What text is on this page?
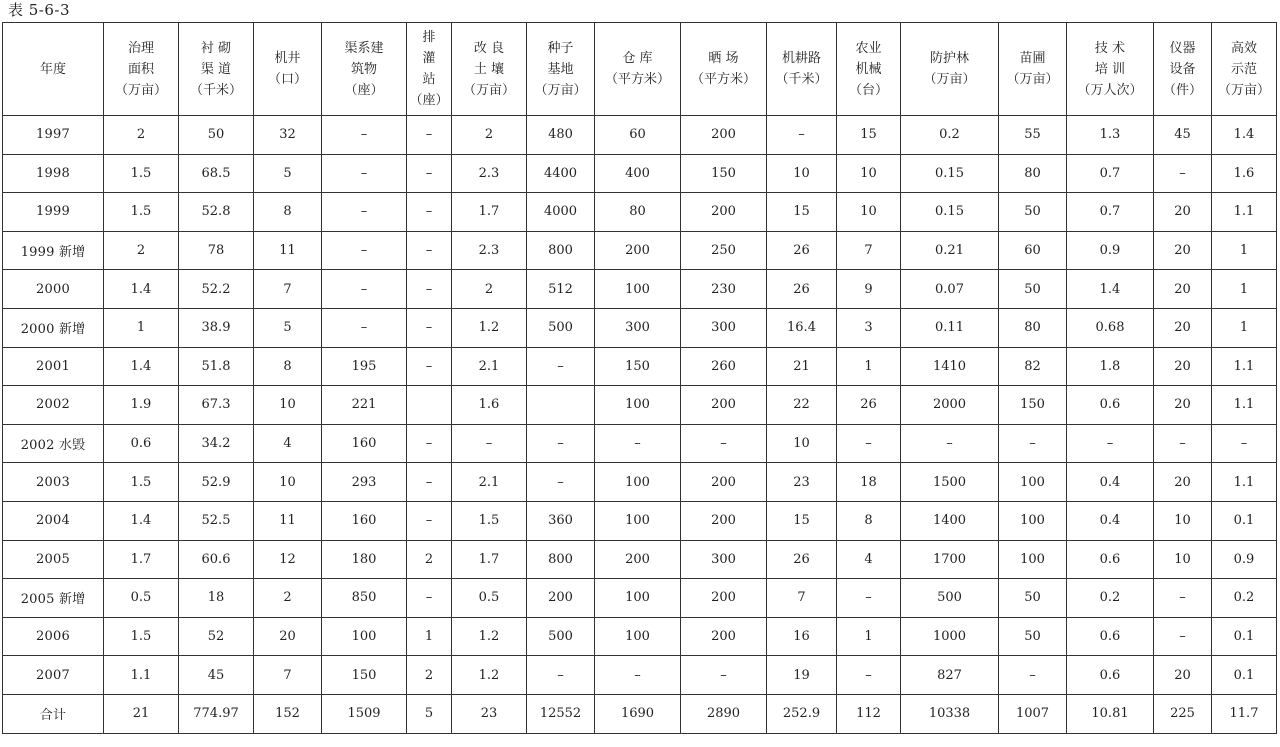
表 5-6-3
年度	治理
面积
（万亩）	衬 砌
渠 道
（千米）	机井
（口）	渠系建
筑物
（座）	排
灌
站
（座）	改 良
土 壤
（万亩）	种子
基地
（万亩）	仓 库
（平方米）	晒 场
（平方米）	机耕路
（千米）	农业
机械
（台）	防护林
（万亩）	苗圃
（万亩）	技 术
培 训
（万人次）	仪器
设备
（件）	高效
示范
（万亩）

1997	2	50	32	–	–	2	480	60	200	–	15	0.2	55	1.3	45	1.4
1998	1.5	68.5	5	–	–	2.3	4400	400	150	10	10	0.15	80	0.7	–	1.6
1999	1.5	52.8	8	–	–	1.7	4000	80	200	15	10	0.15	50	0.7	20	1.1
1999 新增	2	78	11	–	–	2.3	800	200	250	26	7	0.21	60	0.9	20	1
2000	1.4	52.2	7	–	–	2	512	100	230	26	9	0.07	50	1.4	20	1
2000 新增	1	38.9	5	–	–	1.2	500	300	300	16.4	3	0.11	80	0.68	20	1
2001	1.4	51.8	8	195	–	2.1	–	150	260	21	1	1410	82	1.8	20	1.1
2002	1.9	67.3	10	221		1.6		100	200	22	26	2000	150	0.6	20	1.1
2002 水毁	0.6	34.2	4	160	–	–	–	–	–	10	–	–	–	–	–	–
2003	1.5	52.9	10	293	–	2.1	–	100	200	23	18	1500	100	0.4	20	1.1
2004	1.4	52.5	11	160	–	1.5	360	100	200	15	8	1400	100	0.4	10	0.1
2005	1.7	60.6	12	180	2	1.7	800	200	300	26	4	1700	100	0.6	10	0.9
2005 新增	0.5	18	2	850	–	0.5	200	100	200	7	–	500	50	0.2	–	0.2
2006	1.5	52	20	100	1	1.2	500	100	200	16	1	1000	50	0.6	–	0.1
2007	1.1	45	7	150	2	1.2	–	–	–	19	–	827	–	0.6	20	0.1
合计	21	774.97	152	1509	5	23	12552	1690	2890	252.9	112	10338	1007	10.81	225	11.7
